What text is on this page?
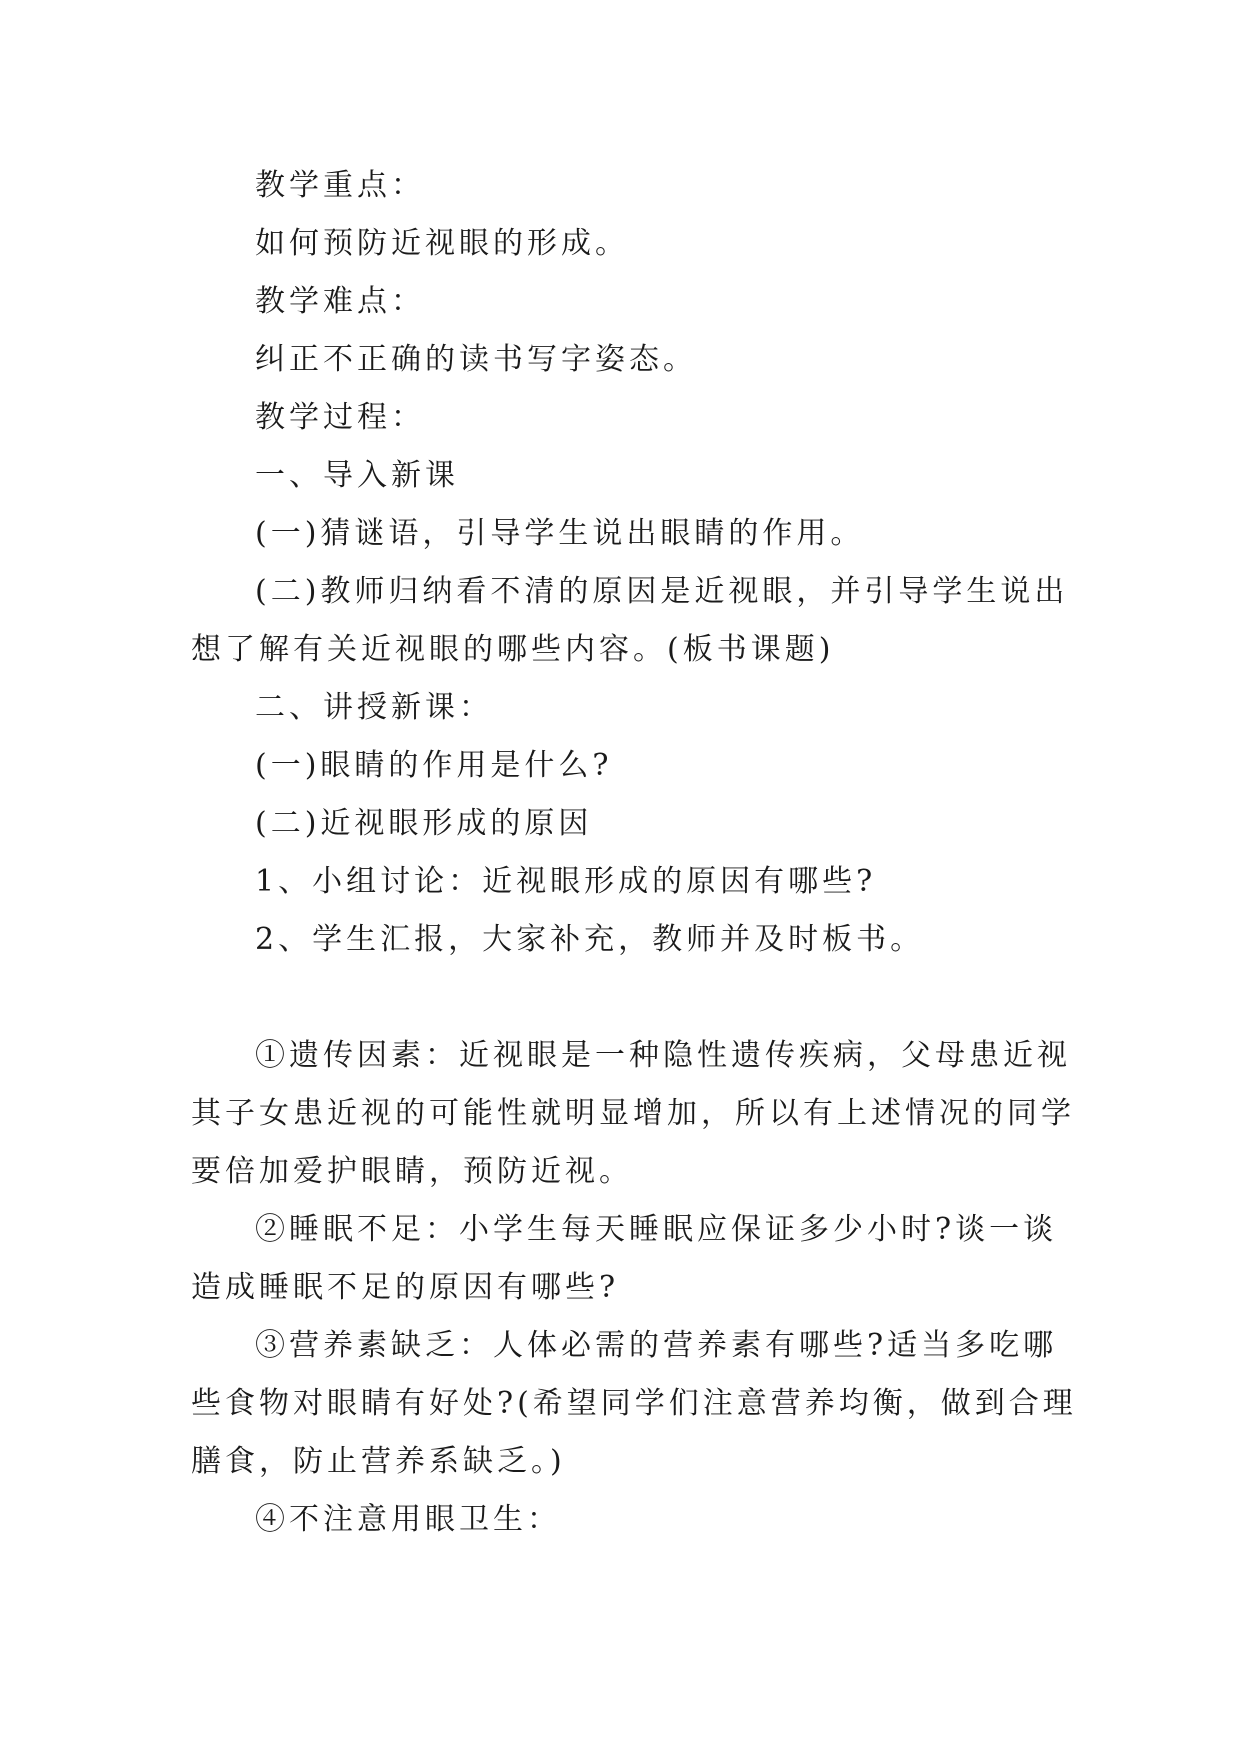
教学重点：
如何预防近视眼的形成。
教学难点：
纠正不正确的读书写字姿态。
教学过程：
一、导入新课
(一)猜谜语，引导学生说出眼睛的作用。
(二)教师归纳看不清的原因是近视眼，并引导学生说出
想了解有关近视眼的哪些内容。(板书课题)
二、讲授新课：
(一)眼睛的作用是什么?
(二)近视眼形成的原因
1、小组讨论：近视眼形成的原因有哪些?
2、学生汇报，大家补充，教师并及时板书。
①遗传因素：近视眼是一种隐性遗传疾病，父母患近视
其子女患近视的可能性就明显增加，所以有上述情况的同学
要倍加爱护眼睛，预防近视。
②睡眠不足：小学生每天睡眠应保证多少小时?谈一谈
造成睡眠不足的原因有哪些?
③营养素缺乏：人体必需的营养素有哪些?适当多吃哪
些食物对眼睛有好处?(希望同学们注意营养均衡，做到合理
膳食，防止营养系缺乏。)
④不注意用眼卫生：
